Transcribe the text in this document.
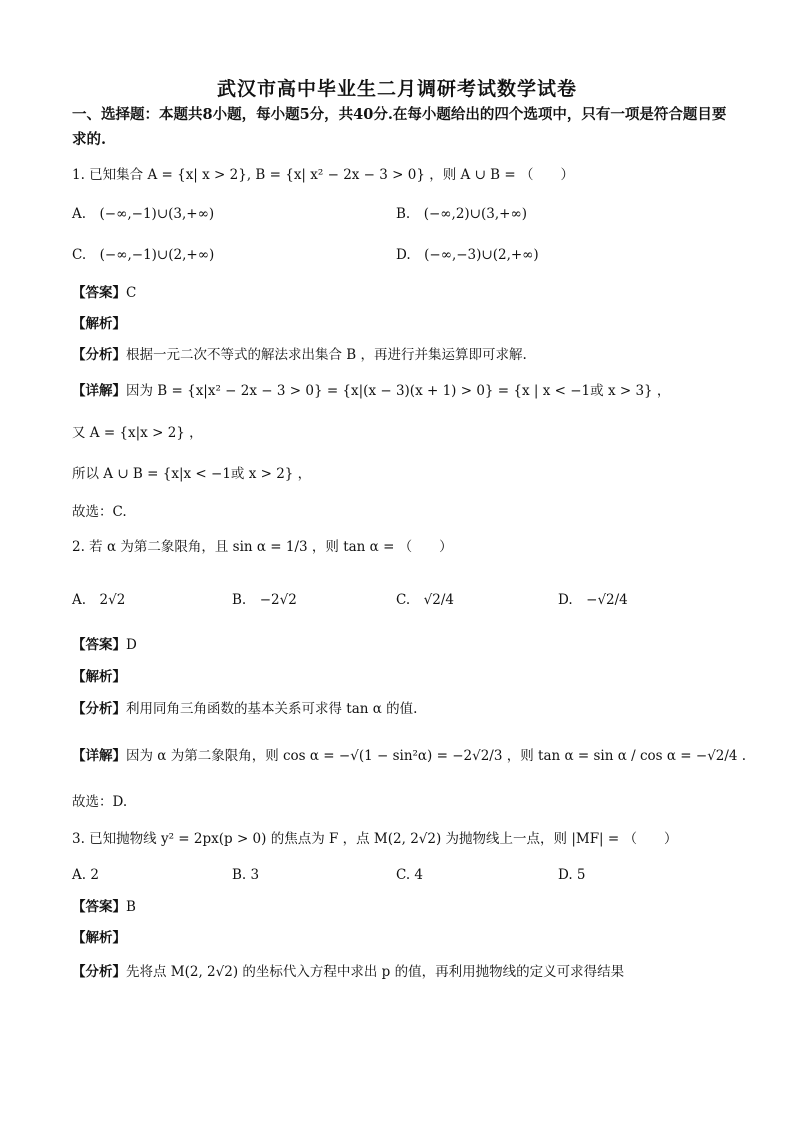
武汉市高中毕业生二月调研考试数学试卷
一、选择题：本题共8小题，每小题5分，共40分.在每小题给出的四个选项中，只有一项是符合题目要求的.
1. 已知集合 A = {x| x > 2}, B = {x| x² − 2x − 3 > 0} ，则 A ∪ B = （　　）
A.　(−∞,−1)∪(3,+∞)	B.　(−∞,2)∪(3,+∞)
C.　(−∞,−1)∪(2,+∞)	D.　(−∞,−3)∪(2,+∞)
【答案】C
【解析】
【分析】根据一元二次不等式的解法求出集合 B ，再进行并集运算即可求解.
【详解】因为 B = {x|x² − 2x − 3 > 0} = {x|(x − 3)(x + 1) > 0} = {x | x < −1或 x > 3} ，
又 A = {x|x > 2} ，
所以 A ∪ B = {x|x < −1或 x > 2} ，
故选：C.
2. 若 α 为第二象限角，且 sin α = 1/3 ，则 tan α = （　　）
A.　2√2	B.　−2√2	C.　√2/4	D.　−√2/4
【答案】D
【解析】
【分析】利用同角三角函数的基本关系可求得 tan α 的值.
【详解】因为 α 为第二象限角，则 cos α = −√(1 − sin²α) = −2√2/3 ，则 tan α = sin α / cos α = −√2/4 .
故选：D.
3. 已知抛物线 y² = 2px(p > 0) 的焦点为 F ，点 M(2, 2√2) 为抛物线上一点，则 |MF| = （　　）
A. 2	B. 3	C. 4	D. 5
【答案】B
【解析】
【分析】先将点 M(2, 2√2) 的坐标代入方程中求出 p 的值，再利用抛物线的定义可求得结果
